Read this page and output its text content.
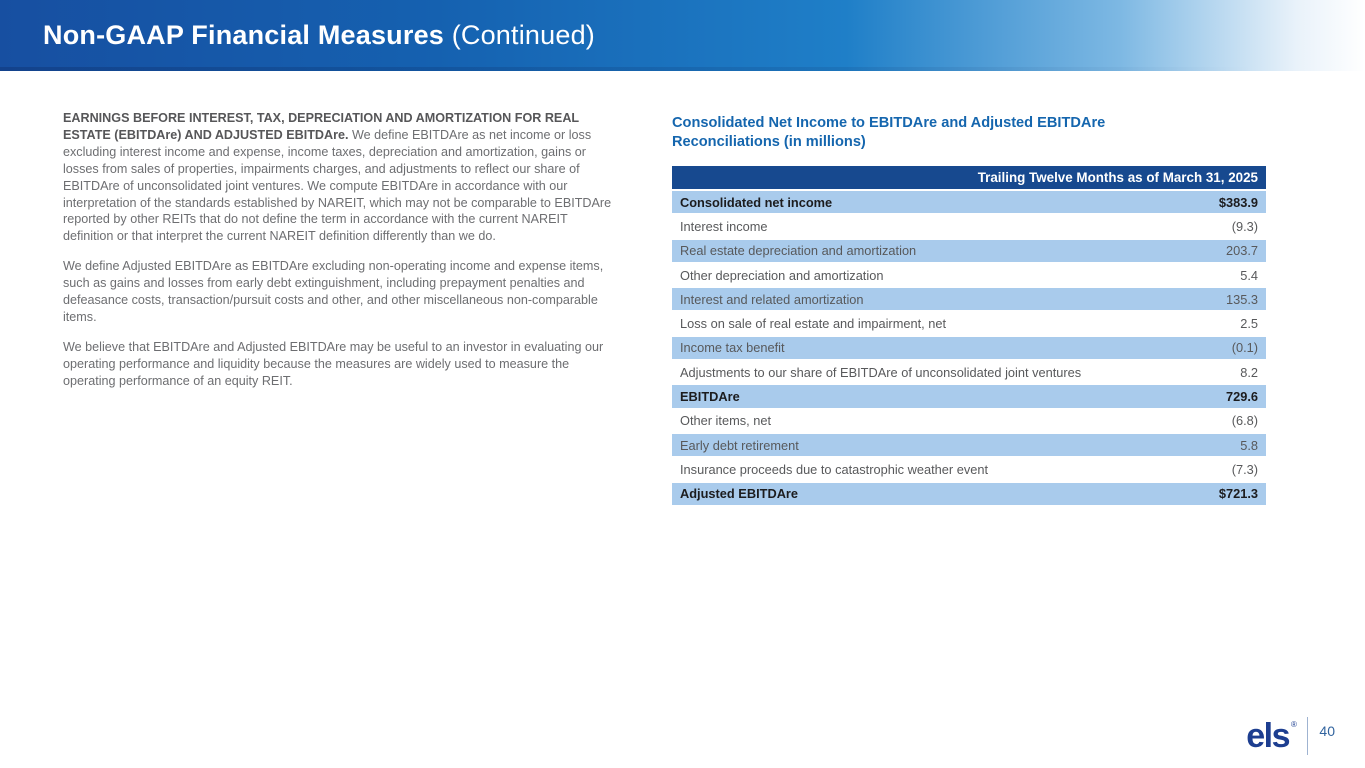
Non-GAAP Financial Measures (Continued)

EARNINGS BEFORE INTEREST, TAX, DEPRECIATION AND AMORTIZATION FOR REAL ESTATE (EBITDAre) AND ADJUSTED EBITDAre. We define EBITDAre as net income or loss excluding interest income and expense, income taxes, depreciation and amortization, gains or losses from sales of properties, impairments charges, and adjustments to reflect our share of EBITDAre of unconsolidated joint ventures. We compute EBITDAre in accordance with our interpretation of the standards established by NAREIT, which may not be comparable to EBITDAre reported by other REITs that do not define the term in accordance with the current NAREIT definition or that interpret the current NAREIT definition differently than we do.

We define Adjusted EBITDAre as EBITDAre excluding non-operating income and expense items, such as gains and losses from early debt extinguishment, including prepayment penalties and defeasance costs, transaction/pursuit costs and other, and other miscellaneous non-comparable items.

We believe that EBITDAre and Adjusted EBITDAre may be useful to an investor in evaluating our operating performance and liquidity because the measures are widely used to measure the operating performance of an equity REIT.

Consolidated Net Income to EBITDAre and Adjusted EBITDAre
Reconciliations (in millions)
Trailing Twelve Months as of March 31, 2025
Consolidated net income	$383.9
Interest income	(9.3)
Real estate depreciation and amortization	203.7
Other depreciation and amortization	5.4
Interest and related amortization	135.3
Loss on sale of real estate and impairment, net	2.5
Income tax benefit	(0.1)
Adjustments to our share of EBITDAre of unconsolidated joint ventures	8.2
EBITDAre	729.6
Other items, net	(6.8)
Early debt retirement	5.8
Insurance proceeds due to catastrophic weather event	(7.3)
Adjusted EBITDAre	$721.3
els ® 40
